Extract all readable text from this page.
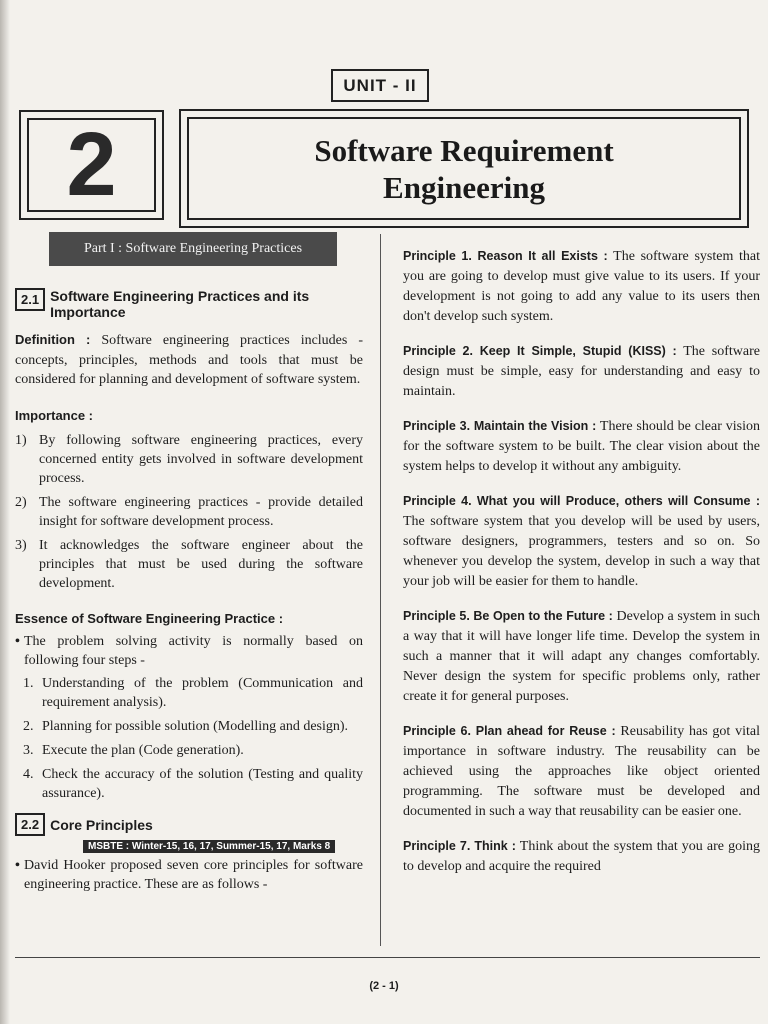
UNIT - II
2	Software Requirement
Engineering
Part I : Software Engineering Practices
2.1 Software Engineering Practices and its Importance

Definition : Software engineering practices includes - concepts, principles, methods and tools that must be considered for planning and development of software system.

Importance :
1) By following software engineering practices, every concerned entity gets involved in software development process.
2) The software engineering practices - provide detailed insight for software development process.
3) It acknowledges the software engineer about the principles that must be used during the software development.
Essence of Software Engineering Practice :
• The problem solving activity is normally based on following four steps -
1. Understanding of the problem (Communication and requirement analysis).
2. Planning for possible solution (Modelling and design).
3. Execute the plan (Code generation).
4. Check the accuracy of the solution (Testing and quality assurance).
2.2 Core Principles
MSBTE : Winter-15, 16, 17, Summer-15, 17, Marks 8
• David Hooker proposed seven core principles for software engineering practice. These are as follows -

Principle 1. Reason It all Exists : The software system that you are going to develop must give value to its users. If your development is not going to add any value to its users then don't develop such system.

Principle 2. Keep It Simple, Stupid (KISS) : The software design must be simple, easy for understanding and easy to maintain.

Principle 3. Maintain the Vision : There should be clear vision for the software system to be built. The clear vision about the system helps to develop it without any ambiguity.

Principle 4. What you will Produce, others will Consume : The software system that you develop will be used by users, software designers, programmers, testers and so on. So whenever you develop the system, develop in such a way that your job will be easier for them to handle.

Principle 5. Be Open to the Future : Develop a system in such a way that it will have longer life time. Develop the system in such a manner that it will adapt any changes comfortably. Never design the system for specific problems only, rather create it for general purposes.

Principle 6. Plan ahead for Reuse : Reusability has got vital importance in software industry. The reusability can be achieved using the approaches like object oriented programming. The software must be developed and documented in such a way that reusability can be easier one.

Principle 7. Think : Think about the system that you are going to develop and acquire the required

(2 - 1)
